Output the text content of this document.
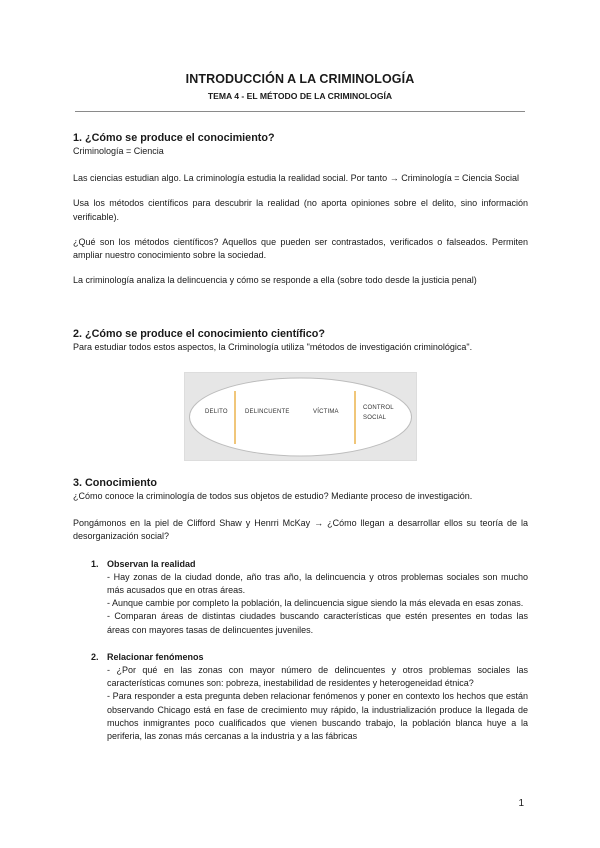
INTRODUCCIÓN A LA CRIMINOLOGÍA
TEMA 4 - EL MÉTODO DE LA CRIMINOLOGÍA
1. ¿Cómo se produce el conocimiento?

Criminología = Ciencia

Las ciencias estudian algo. La criminología estudia la realidad social. Por tanto → Criminología = Ciencia Social

Usa los métodos científicos para descubrir la realidad (no aporta opiniones sobre el delito, sino información verificable).

¿Qué son los métodos científicos? Aquellos que pueden ser contrastados, verificados o falseados. Permiten ampliar nuestro conocimiento sobre la sociedad.

La criminología analiza la delincuencia y cómo se responde a ella (sobre todo desde la justicia penal)

2. ¿Cómo se produce el conocimiento científico?

Para estudiar todos estos aspectos, la Criminología utiliza "métodos de investigación criminológica".

DELITO	DELINCUENTE	VÍCTIMA
CONTROL
SOCIAL
3. Conocimiento

¿Cómo conoce la criminología de todos sus objetos de estudio? Mediante proceso de investigación.

Pongámonos en la piel de Clifford Shaw y Henrri McKay → ¿Cómo llegan a desarrollar ellos su teoría de la desorganización social?

1. Observan la realidad
- Hay zonas de la ciudad donde, año tras año, la delincuencia y otros problemas sociales son mucho más acusados que en otras áreas.
- Aunque cambie por completo la población, la delincuencia sigue siendo la más elevada en esas zonas.
- Comparan áreas de distintas ciudades buscando características que estén presentes en todas las áreas con mayores tasas de delincuentes juveniles.
2. Relacionar fenómenos
- ¿Por qué en las zonas con mayor número de delincuentes y otros problemas sociales las características comunes son: pobreza, inestabilidad de residentes y heterogeneidad étnica?
- Para responder a esta pregunta deben relacionar fenómenos y poner en contexto los hechos que están observando Chicago está en fase de crecimiento muy rápido, la industrialización produce la llegada de muchos inmigrantes poco cualificados que vienen buscando trabajo, la población blanca huye a la periferia, las zonas más cercanas a la industria y a las fábricas
1
